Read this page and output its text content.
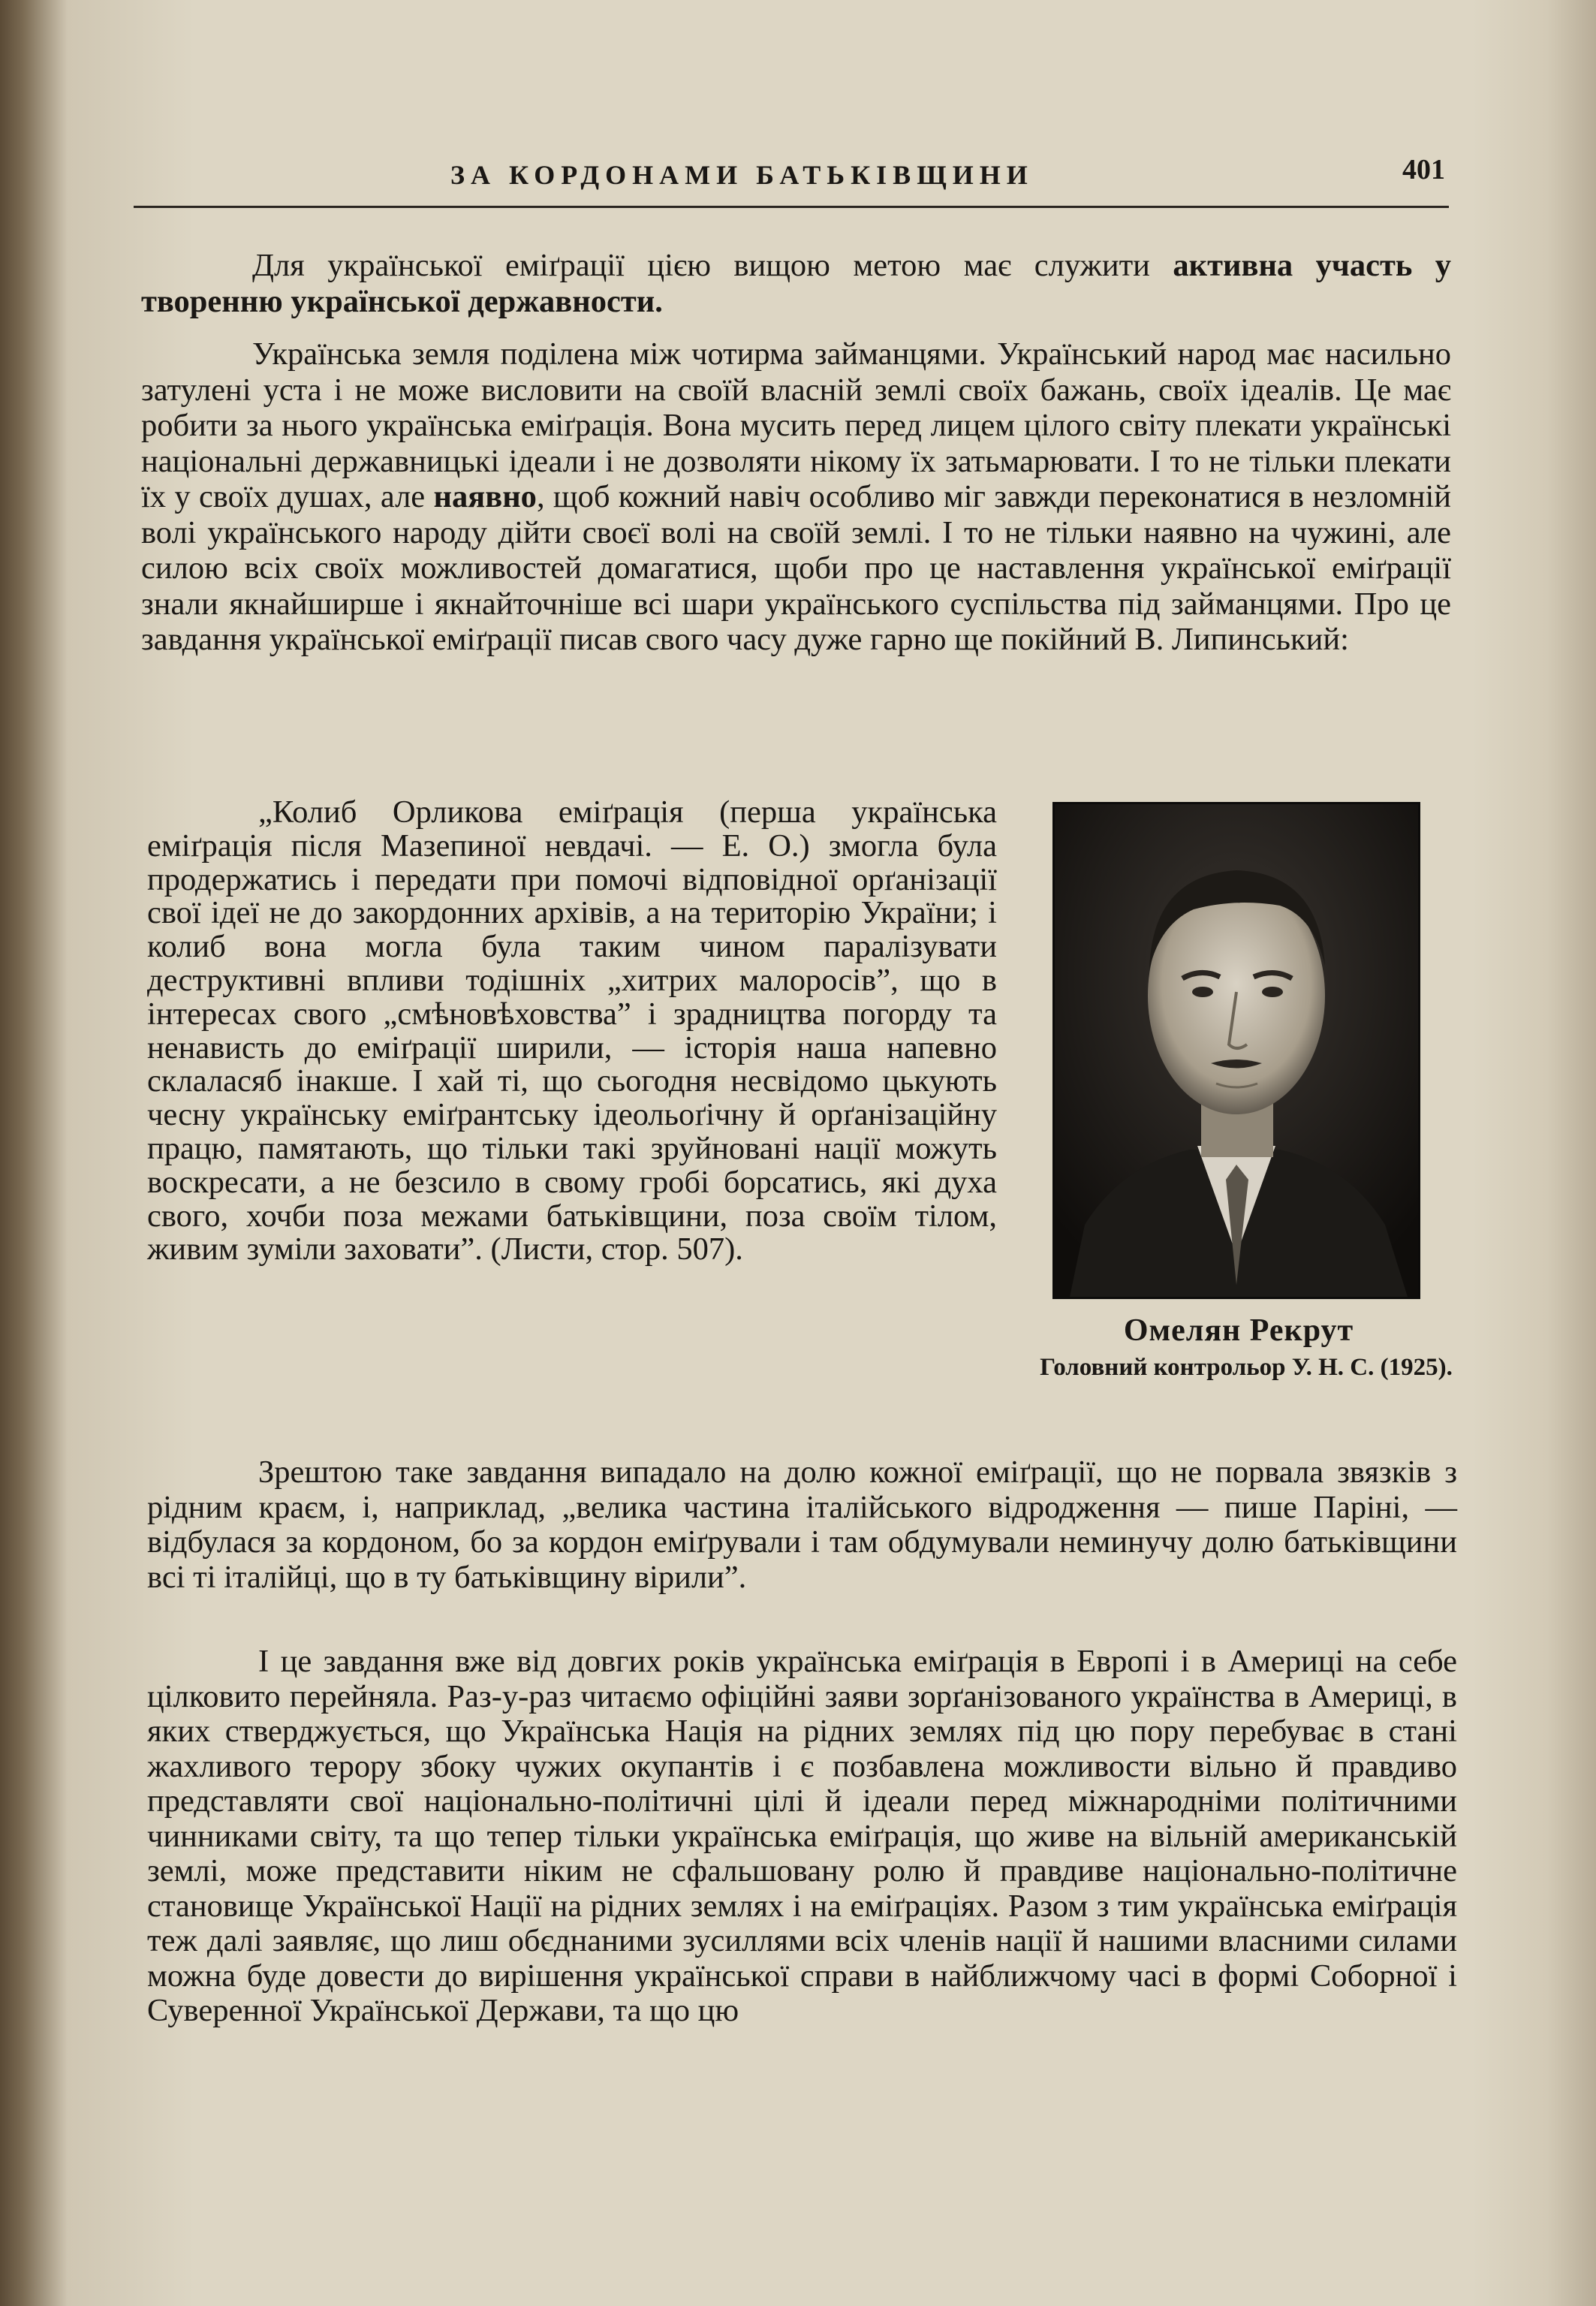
ЗА КОРДОНАМИ БАТЬКІВЩИНИ	401

Для української еміґрації цією вищою метою має служити активна участь у творенню української державности.

Українська земля поділена між чотирма займанцями. Український народ має насильно затулені уста і не може висловити на своїй власній землі своїх бажань, своїх ідеалів. Це має робити за нього українська еміґрація. Вона мусить перед лицем цілого світу плекати українські національні державницькі ідеали і не дозволяти нікому їх затьмарювати. І то не тільки плекати їх у своїх душах, але наявно, щоб кожний навіч особливо міг завжди переконатися в незломній волі українського народу дійти своєї волі на своїй землі. І то не тільки наявно на чужині, але силою всіх своїх можливостей домагатися, щоби про це наставлення української еміґрації знали якнайширше і якнайточніше всі шари українського суспільства під займанцями. Про це завдання української еміґрації писав свого часу дуже гарно ще покійний В. Липинський:

„Колиб Орликова еміґрація (перша українська еміґрація після Мазепиної невдачі. — Е. О.) змогла була продержатись і передати при помочі відповідної орґанізації свої ідеї не до закордонних архівів, а на територію України; і колиб вона могла була таким чином паралізувати деструктивні впливи тодішніх „хитрих малоросів”, що в інтересах свого „смѣновѣховства” і зрадництва погорду та ненависть до еміґрації ширили, — історія наша напевно склаласяб інакше. І хай ті, що сьогодня несвідомо цькують чесну українську еміґрантську ідеольоґічну й орґанізаційну працю, памятають, що тільки такі зруйновані нації можуть воскресати, а не безсило в свому гробі борсатись, які духа свого, хочби поза межами батьківщини, поза своїм тілом, живим зуміли заховати”. (Листи, стор. 507).

Омелян Рекрут
Головний контрольор У. Н. С. (1925).

Зрештою таке завдання випадало на долю кожної еміґрації, що не порвала звязків з рідним краєм, і, наприклад, „велика частина італійського відродження — пише Паріні, — відбулася за кордоном, бо за кордон еміґрували і там обдумували неминучу долю батьківщини всі ті італійці, що в ту батьківщину вірили”.

І це завдання вже від довгих років українська еміґрація в Европі і в Америці на себе цілковито перейняла. Раз-у-раз читаємо офіційні заяви зорґанізованого українства в Америці, в яких стверджується, що Українська Нація на рідних землях під цю пору перебуває в стані жахливого терору збоку чужих окупантів і є позбавлена можливости вільно й правдиво представляти свої національно-політичні цілі й ідеали перед міжнародніми політичними чинниками світу, та що тепер тільки українська еміґрація, що живе на вільній американській землі, може представити ніким не сфальшовану ролю й правдиве національно-політичне становище Української Нації на рідних землях і на еміґраціях. Разом з тим українська еміґрація теж далі заявляє, що лиш обєднаними зусиллями всіх членів нації й нашими власними силами можна буде довести до вирішення української справи в найближчому часі в формі Соборної і Суверенної Української Держави, та що цю
